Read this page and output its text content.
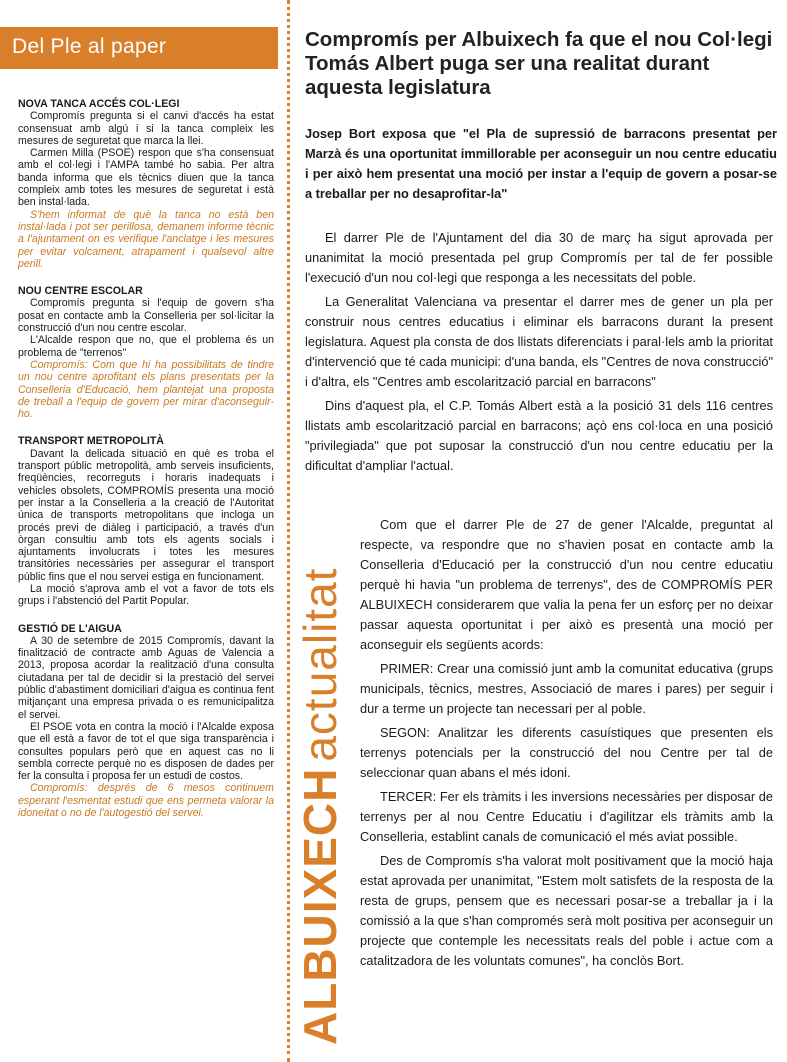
Del Ple al paper

NOVA TANCA ACCÉS COL·LEGI

Compromís pregunta si el canvi d'accés ha estat consensuat amb algú i si la tanca compleix les mesures de seguretat que marca la llei.

Carmen Milla (PSOE) respon que s'ha consensuat amb el col·legi i l'AMPA també ho sabia. Per altra banda informa que els tècnics diuen que la tanca compleix amb totes les mesures de seguretat i està ben instal·lada.

S'hem informat de què la tanca no està ben instal·lada i pot ser perillosa, demanem informe tècnic a l'ajuntament on es verifique l'anclatge i les mesures per evitar volcament, atrapament i qualsevol altre perill.

NOU CENTRE ESCOLAR

Compromís pregunta si l'equip de govern s'ha posat en contacte amb la Conselleria per sol·licitar la construcció d'un nou centre escolar.

L'Alcalde respon que no, que el problema és un problema de "terrenos"

Compromís: Com que hi ha possibilitats de tindre un nou centre aprofitant els plans presentats per la Conselleria d'Educació, hem plantejat una proposta de treball a l'equip de govern per mirar d'aconseguir-ho.

TRANSPORT METROPOLITÀ

Davant la delicada situació en què es troba el transport públic metropolità, amb serveis insuficients, freqüències, recorreguts i horaris inadequats i vehicles obsolets, COMPROMÍS presenta una moció per instar a la Conselleria a la creació de l'Autoritat única de transports metropolitans que incloga un procés previ de diàleg i participació, a través d'un òrgan consultiu amb tots els agents socials i ajuntaments involucrats i totes les mesures transitòries necessàries per assegurar el transport públic fins que el nou servei estiga en funcionament.

La moció s'aprova amb el vot a favor de tots els grups i l'abstenció del Partit Popular.

GESTIÓ DE L'AIGUA

A 30 de setembre de 2015 Compromís, davant la finalització de contracte amb Aguas de Valencia a 2013, proposa acordar la realització d'una consulta ciutadana per tal de decidir si la prestació del servei públic d'abastiment domiciliari d'aigua es continua fent mitjançant una empresa privada o es remunicipalitza el servei.

El PSOE vota en contra la moció i l'Alcalde exposa que ell està a favor de tot el que siga transparència i consultes populars però que en aquest cas no li sembla correcte perquè no es disposen de dades per fer la consulta i proposa fer un estudi de costos.

Compromís: després de 6 mesos continuem esperant l'esmentat estudi que ens permeta valorar la idoneitat o no de l'autogestió del servei.	ALBUIXECHactualitat
Compromís per Albuixech fa que el nou Col·legi Tomás Albert puga ser una realitat durant aquesta legislatura
Josep Bort exposa que "el Pla de supressió de barracons presentat per Marzà és una oportunitat immillorable per aconseguir un nou centre educatiu i per això hem presentat una moció per instar a l'equip de govern a posar-se a treballar per no desaprofitar-la"

El darrer Ple de l'Ajuntament del dia 30 de març ha sigut aprovada per unanimitat la moció presentada pel grup Compromís per tal de fer possible l'execució d'un nou col·legi que responga a les necessitats del poble.

La Generalitat Valenciana va presentar el darrer mes de gener un pla per construir nous centres educatius i eliminar els barracons durant la present legislatura. Aquest pla consta de dos llistats diferenciats i paral·lels amb la prioritat d'intervenció que té cada municipi: d'una banda, els "Centres de nova construcció" i d'altra, els "Centres amb escolarització parcial en barracons"

Dins d'aquest pla, el C.P. Tomás Albert està a la posició 31 dels 116 centres llistats amb escolarització parcial en barracons; açò ens col·loca en una posició "privilegiada" que pot suposar la construcció d'un nou centre educatiu per la dificultat d'ampliar l'actual.

Com que el darrer Ple de 27 de gener l'Alcalde, preguntat al respecte, va respondre que no s'havien posat en contacte amb la Conselleria d'Educació per la construcció d'un nou centre educatiu perquè hi havia "un problema de terrenys", des de COMPROMÍS PER ALBUIXECH considerarem que valia la pena fer un esforç per no deixar passar aquesta oportunitat i per això es presentà una moció per aconseguir els següents acords:

PRIMER: Crear una comissió junt amb la comunitat educativa (grups municipals, tècnics, mestres, Associació de mares i pares) per seguir i dur a terme un projecte tan necessari per al poble.

SEGON: Analitzar les diferents casuístiques que presenten els terrenys potencials per la construcció del nou Centre per tal de seleccionar quan abans el més idoni.

TERCER: Fer els tràmits i les inversions necessàries per disposar de terrenys per al nou Centre Educatiu i d'agilitzar els tràmits amb la Conselleria, establint canals de comunicació el més aviat possible.

Des de Compromís s'ha valorat molt positivament que la moció haja estat aprovada per unanimitat, "Estem molt satisfets de la resposta de la resta de grups, pensem que es necessari posar-se a treballar ja i la comissió a la que s'han compromés serà molt positiva per aconseguir un projecte que contemple les necessitats reals del poble i actue com a catalitzadora de les voluntats comunes", ha conclòs Bort.
